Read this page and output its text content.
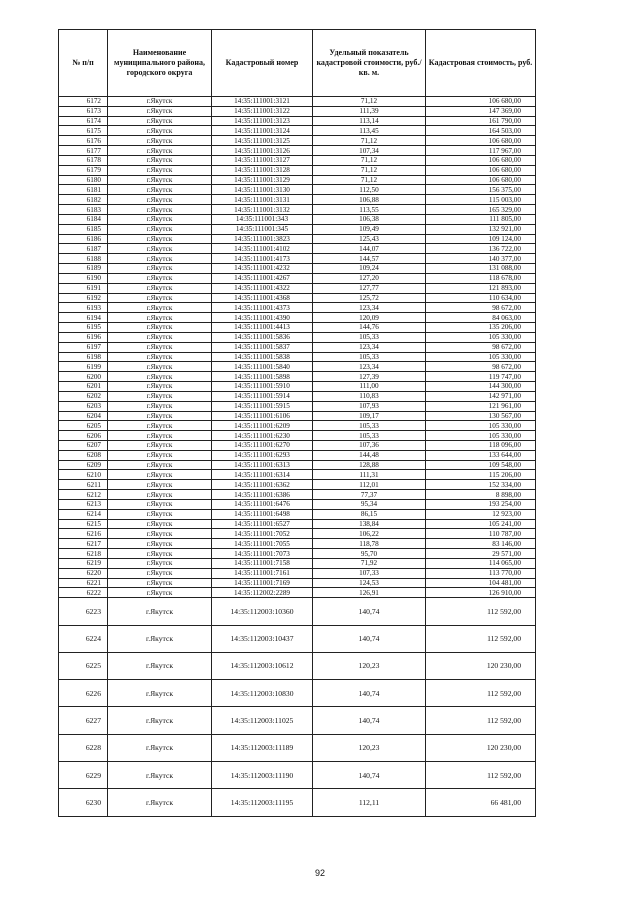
№ п/п	Наименование муниципального района, городского округа	Кадастровый номер	Удельный показатель кадастровой стоимости, руб./кв. м.	Кадастровая стоимость, руб.
6172	г.Якутск	14:35:111001:3121	71,12	106 680,00
6173	г.Якутск	14:35:111001:3122	111,39	147 369,00
6174	г.Якутск	14:35:111001:3123	113,14	161 790,00
6175	г.Якутск	14:35:111001:3124	113,45	164 503,00
6176	г.Якутск	14:35:111001:3125	71,12	106 680,00
6177	г.Якутск	14:35:111001:3126	107,34	117 967,00
6178	г.Якутск	14:35:111001:3127	71,12	106 680,00
6179	г.Якутск	14:35:111001:3128	71,12	106 680,00
6180	г.Якутск	14:35:111001:3129	71,12	106 680,00
6181	г.Якутск	14:35:111001:3130	112,50	156 375,00
6182	г.Якутск	14:35:111001:3131	106,88	115 003,00
6183	г.Якутск	14:35:111001:3132	113,55	165 329,00
6184	г.Якутск	14:35:111001:343	106,38	111 805,00
6185	г.Якутск	14:35:111001:345	109,49	132 921,00
6186	г.Якутск	14:35:111001:3823	125,43	109 124,00
6187	г.Якутск	14:35:111001:4102	144,07	136 722,00
6188	г.Якутск	14:35:111001:4173	144,57	140 377,00
6189	г.Якутск	14:35:111001:4232	109,24	131 088,00
6190	г.Якутск	14:35:111001:4267	127,20	118 678,00
6191	г.Якутск	14:35:111001:4322	127,77	121 893,00
6192	г.Якутск	14:35:111001:4368	125,72	110 634,00
6193	г.Якутск	14:35:111001:4373	123,34	98 672,00
6194	г.Якутск	14:35:111001:4390	120,09	84 063,00
6195	г.Якутск	14:35:111001:4413	144,76	135 206,00
6196	г.Якутск	14:35:111001:5836	105,33	105 330,00
6197	г.Якутск	14:35:111001:5837	123,34	98 672,00
6198	г.Якутск	14:35:111001:5838	105,33	105 330,00
6199	г.Якутск	14:35:111001:5840	123,34	98 672,00
6200	г.Якутск	14:35:111001:5898	127,39	119 747,00
6201	г.Якутск	14:35:111001:5910	111,00	144 300,00
6202	г.Якутск	14:35:111001:5914	110,83	142 971,00
6203	г.Якутск	14:35:111001:5915	107,93	121 961,00
6204	г.Якутск	14:35:111001:6106	109,17	130 567,00
6205	г.Якутск	14:35:111001:6209	105,33	105 330,00
6206	г.Якутск	14:35:111001:6230	105,33	105 330,00
6207	г.Якутск	14:35:111001:6270	107,36	118 096,00
6208	г.Якутск	14:35:111001:6293	144,48	133 644,00
6209	г.Якутск	14:35:111001:6313	128,88	109 548,00
6210	г.Якутск	14:35:111001:6314	111,31	115 206,00
6211	г.Якутск	14:35:111001:6362	112,01	152 334,00
6212	г.Якутск	14:35:111001:6386	77,37	8 898,00
6213	г.Якутск	14:35:111001:6476	95,34	193 254,00
6214	г.Якутск	14:35:111001:6498	86,15	12 923,00
6215	г.Якутск	14:35:111001:6527	138,84	105 241,00
6216	г.Якутск	14:35:111001:7052	106,22	110 787,00
6217	г.Якутск	14:35:111001:7055	118,78	83 146,00
6218	г.Якутск	14:35:111001:7073	95,70	29 571,00
6219	г.Якутск	14:35:111001:7158	71,92	114 065,00
6220	г.Якутск	14:35:111001:7161	107,33	113 770,00
6221	г.Якутск	14:35:111001:7169	124,53	104 481,00
6222	г.Якутск	14:35:112002:2289	126,91	126 910,00
6223	г.Якутск	14:35:112003:10360	140,74	112 592,00
6224	г.Якутск	14:35:112003:10437	140,74	112 592,00
6225	г.Якутск	14:35:112003:10612	120,23	120 230,00
6226	г.Якутск	14:35:112003:10830	140,74	112 592,00
6227	г.Якутск	14:35:112003:11025	140,74	112 592,00
6228	г.Якутск	14:35:112003:11189	120,23	120 230,00
6229	г.Якутск	14:35:112003:11190	140,74	112 592,00
6230	г.Якутск	14:35:112003:11195	112,11	66 481,00
92
